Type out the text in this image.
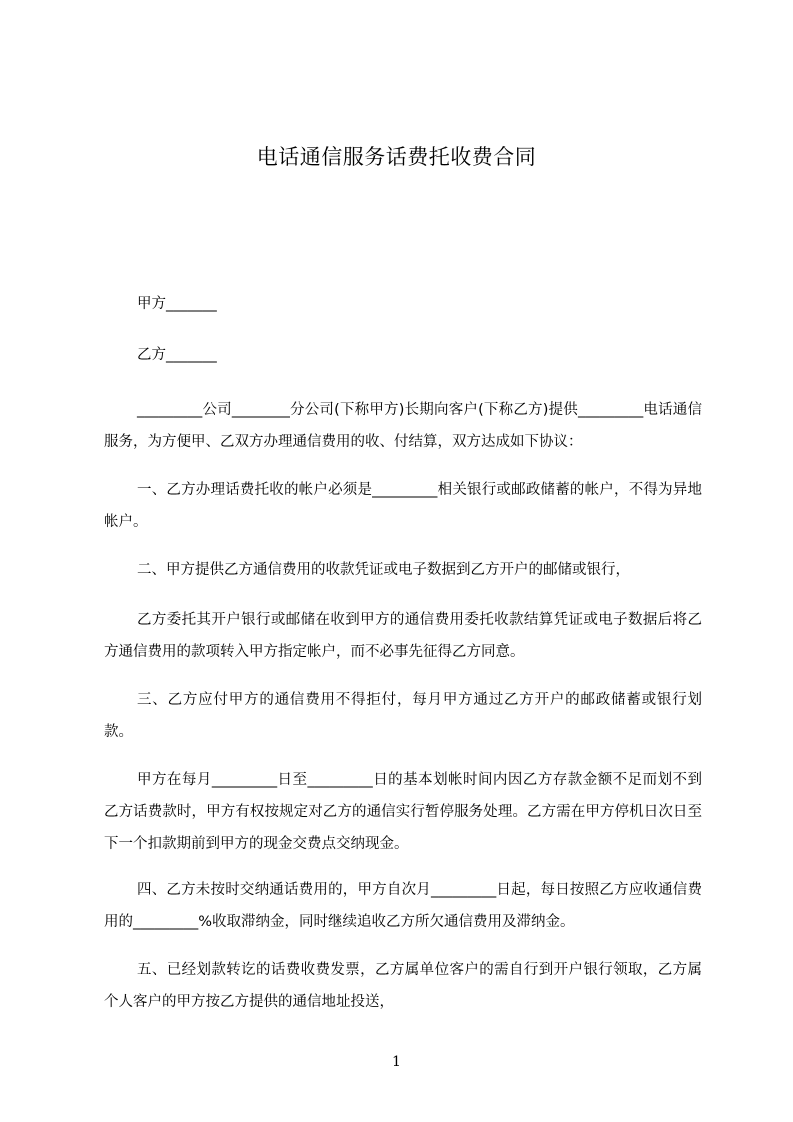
电话通信服务话费托收费合同

甲方_______

乙方_______

_________公司________分公司(下称甲方)长期向客户(下称乙方)提供_________电话通信服务，为方便甲、乙双方办理通信费用的收、付结算，双方达成如下协议：

一、乙方办理话费托收的帐户必须是_________相关银行或邮政储蓄的帐户，不得为异地帐户。

二、甲方提供乙方通信费用的收款凭证或电子数据到乙方开户的邮储或银行，

乙方委托其开户银行或邮储在收到甲方的通信费用委托收款结算凭证或电子数据后将乙方通信费用的款项转入甲方指定帐户，而不必事先征得乙方同意。

三、乙方应付甲方的通信费用不得拒付，每月甲方通过乙方开户的邮政储蓄或银行划款。

甲方在每月_________日至_________日的基本划帐时间内因乙方存款金额不足而划不到乙方话费款时，甲方有权按规定对乙方的通信实行暂停服务处理。乙方需在甲方停机日次日至下一个扣款期前到甲方的现金交费点交纳现金。

四、乙方未按时交纳通话费用的，甲方自次月_________日起，每日按照乙方应收通信费用的_________%收取滞纳金，同时继续追收乙方所欠通信费用及滞纳金。

五、已经划款转讫的话费收费发票，乙方属单位客户的需自行到开户银行领取，乙方属个人客户的甲方按乙方提供的通信地址投送，

1
